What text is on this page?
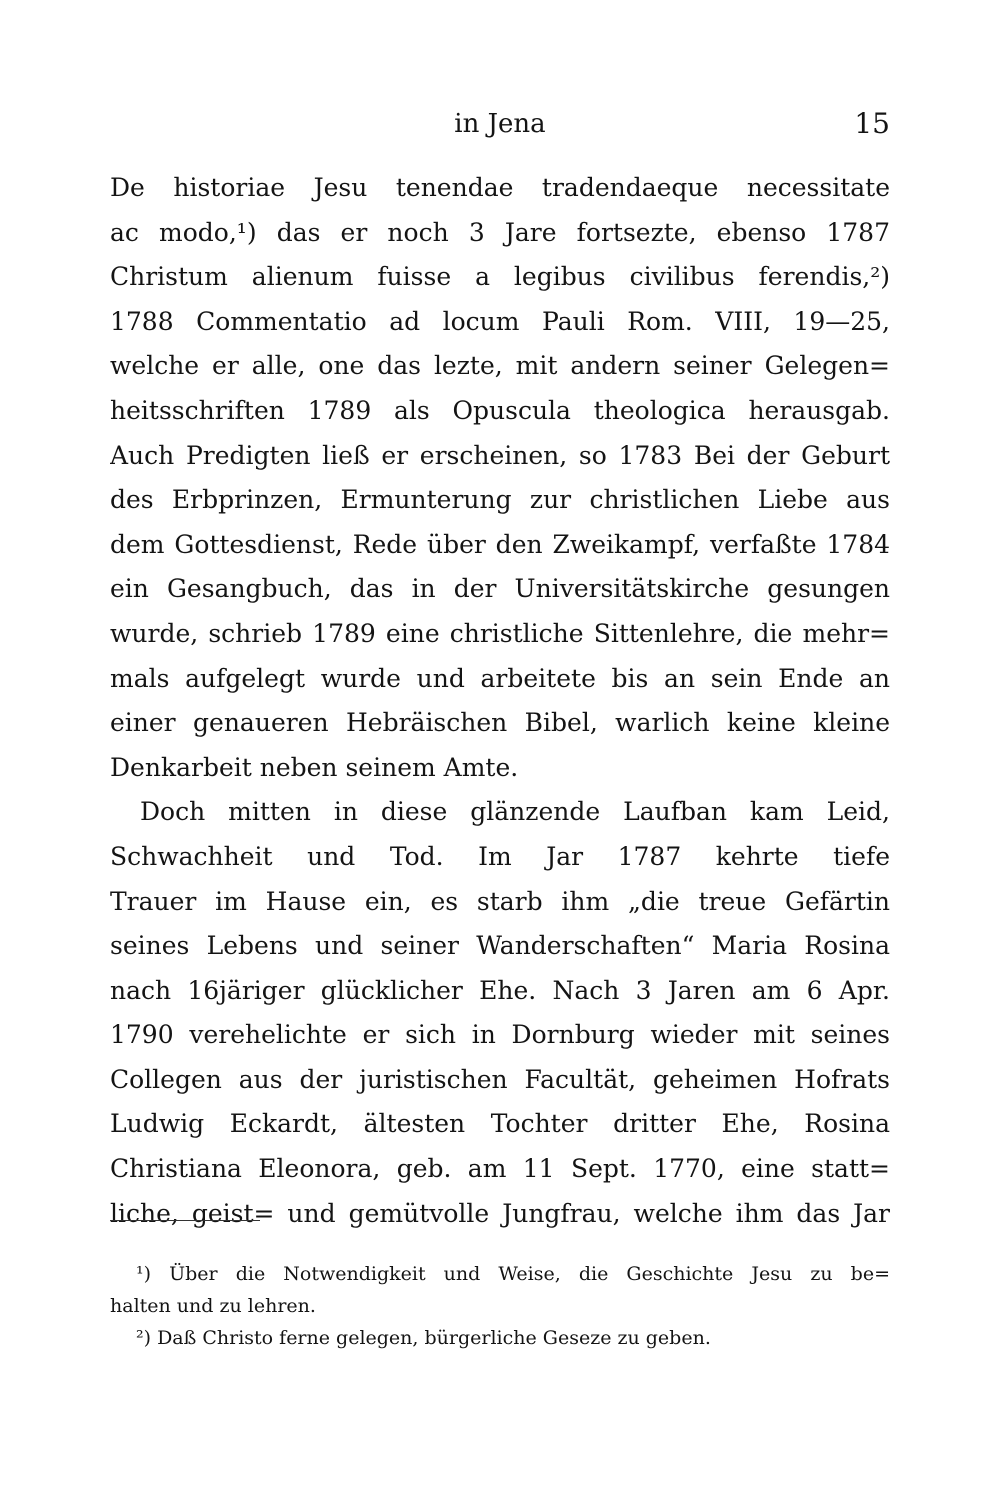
in Jena	15
De historiae Jesu tenendae tradendaeque necessitate
ac modo,¹) das er noch 3 Jare fortsezte, ebenso 1787
Christum alienum fuisse a legibus civilibus ferendis,²)
1788 Commentatio ad locum Pauli Rom. VIII, 19—25,
welche er alle, one das lezte, mit andern seiner Gelegen=
heitsschriften 1789 als Opuscula theologica herausgab.
Auch Predigten ließ er erscheinen, so 1783 Bei der Geburt
des Erbprinzen, Ermunterung zur christlichen Liebe aus
dem Gottesdienst, Rede über den Zweikampf, verfaßte 1784
ein Gesangbuch, das in der Universitätskirche gesungen
wurde, schrieb 1789 eine christliche Sittenlehre, die mehr=
mals aufgelegt wurde und arbeitete bis an sein Ende an
einer genaueren Hebräischen Bibel, warlich keine kleine
Denkarbeit neben seinem Amte.
Doch mitten in diese glänzende Laufban kam Leid,
Schwachheit und Tod. Im Jar 1787 kehrte tiefe
Trauer im Hause ein, es starb ihm „die treue Gefärtin
seines Lebens und seiner Wanderschaften“ Maria Rosina
nach 16järiger glücklicher Ehe. Nach 3 Jaren am 6 Apr.
1790 verehelichte er sich in Dornburg wieder mit seines
Collegen aus der juristischen Facultät, geheimen Hofrats
Ludwig Eckardt, ältesten Tochter dritter Ehe, Rosina
Christiana Eleonora, geb. am 11 Sept. 1770, eine statt=
liche, geist= und gemütvolle Jungfrau, welche ihm das Jar
¹) Über die Notwendigkeit und Weise, die Geschichte Jesu zu be=
halten und zu lehren.
²) Daß Christo ferne gelegen, bürgerliche Geseze zu geben.
